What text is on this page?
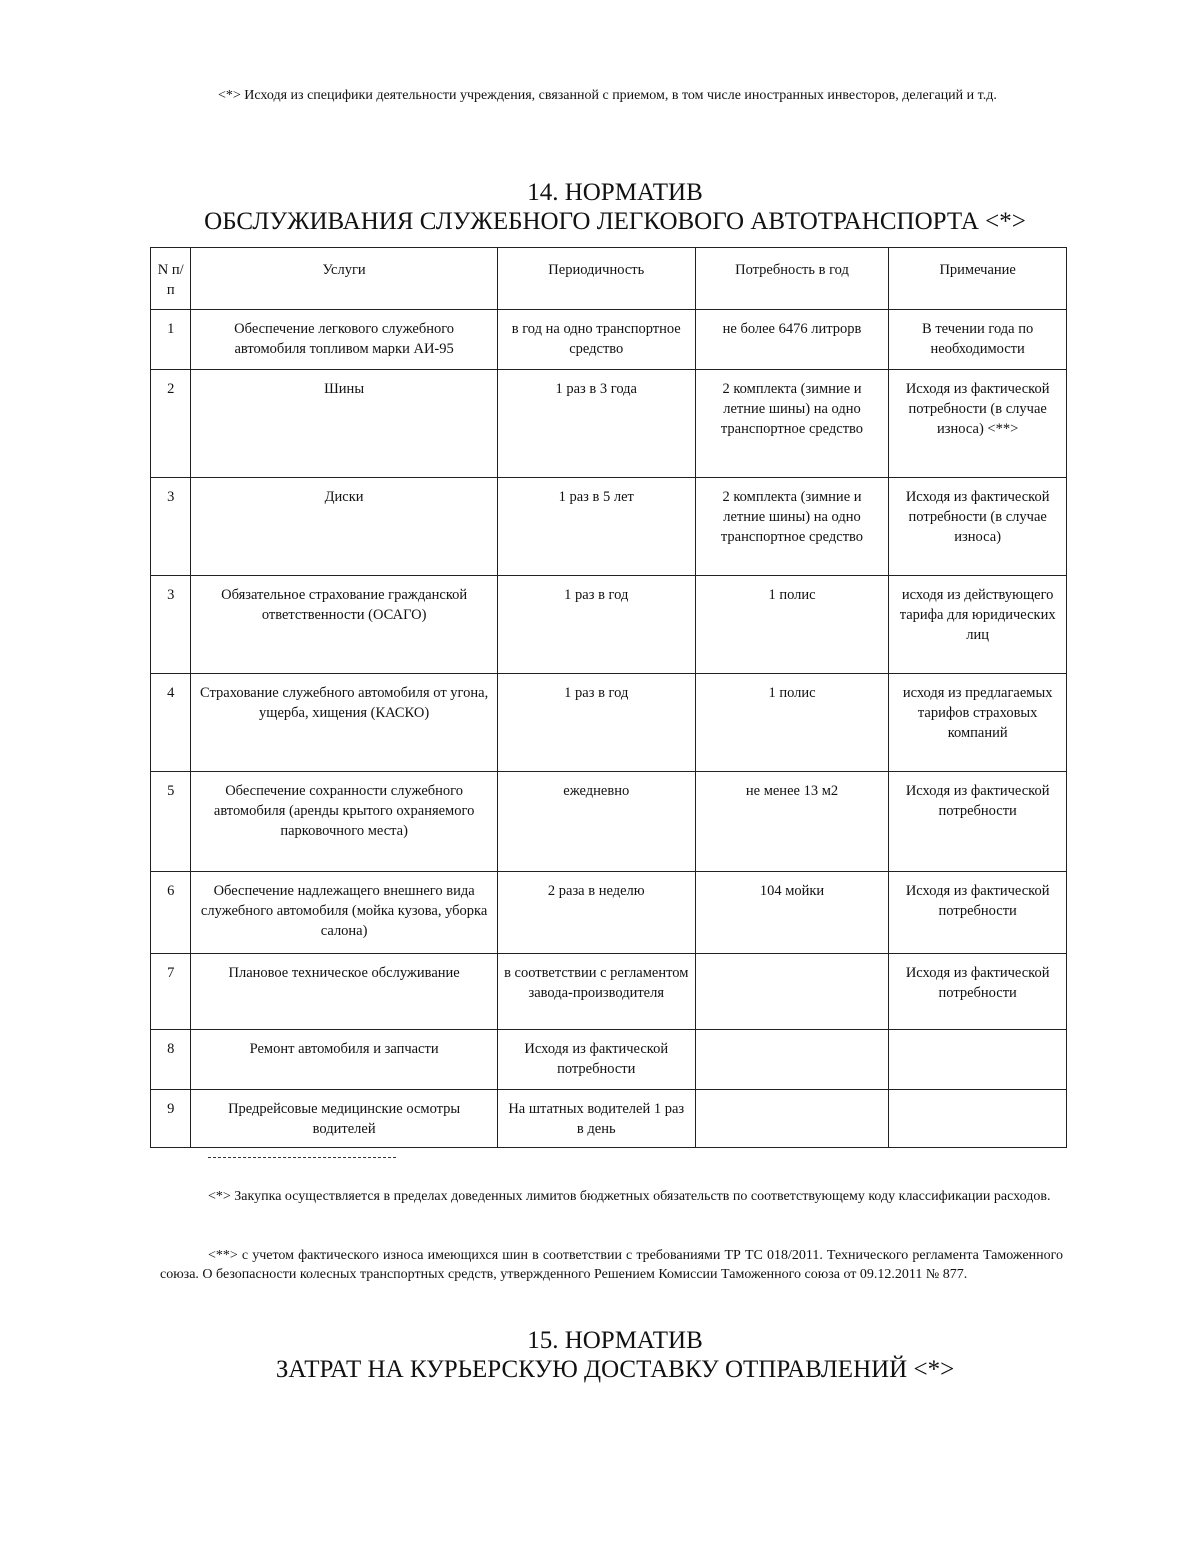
<*> Исходя из специфики деятельности учреждения, связанной с приемом, в том числе иностранных инвесторов, делегаций и т.д.
14. НОРМАТИВ
ОБСЛУЖИВАНИЯ СЛУЖЕБНОГО ЛЕГКОВОГО АВТОТРАНСПОРТА <*>
N п/п	Услуги	Периодичность	Потребность в год	Примечание
1	Обеспечение легкового служебного автомобиля топливом марки АИ-95	в год на одно транспортное средство	не более 6476 литрорв	В течении года по необходимости
2	Шины	1 раз в 3 года	2 комплекта (зимние и летние шины) на одно транспортное средство	Исходя из фактической потребности (в случае износа) <**>
3	Диски	1 раз в 5 лет	2 комплекта (зимние и летние шины) на одно транспортное средство	Исходя из фактической потребности (в случае износа)
3	Обязательное страхование гражданской ответственности (ОСАГО)	1 раз в год	1 полис	исходя из действующего тарифа для юридических лиц
4	Страхование служебного автомобиля от угона, ущерба, хищения (КАСКО)	1 раз в год	1 полис	исходя из предлагаемых тарифов страховых компаний
5	Обеспечение сохранности служебного автомобиля (аренды крытого охраняемого парковочного места)	ежедневно	не менее 13 м2	Исходя из фактической потребности
6	Обеспечение надлежащего внешнего вида служебного автомобиля (мойка кузова, уборка салона)	2 раза в неделю	104 мойки	Исходя из фактической потребности
7	Плановое техническое обслуживание	в соответствии с регламентом завода-производителя		Исходя из фактической потребности
8	Ремонт автомобиля и запчасти	Исходя из фактической потребности		
9	Предрейсовые медицинские осмотры водителей	На штатных водителей 1 раз в день		
<*> Закупка осуществляется в пределах доведенных лимитов бюджетных обязательств по соответствующему коду классификации расходов.
<**> с учетом фактического износа имеющихся шин в соответствии с требованиями ТР ТС 018/2011. Технического регламента Таможенного союза. О безопасности колесных транспортных средств, утвержденного Решением Комиссии Таможенного союза от 09.12.2011 № 877.
15. НОРМАТИВ
ЗАТРАТ НА КУРЬЕРСКУЮ ДОСТАВКУ ОТПРАВЛЕНИЙ <*>
